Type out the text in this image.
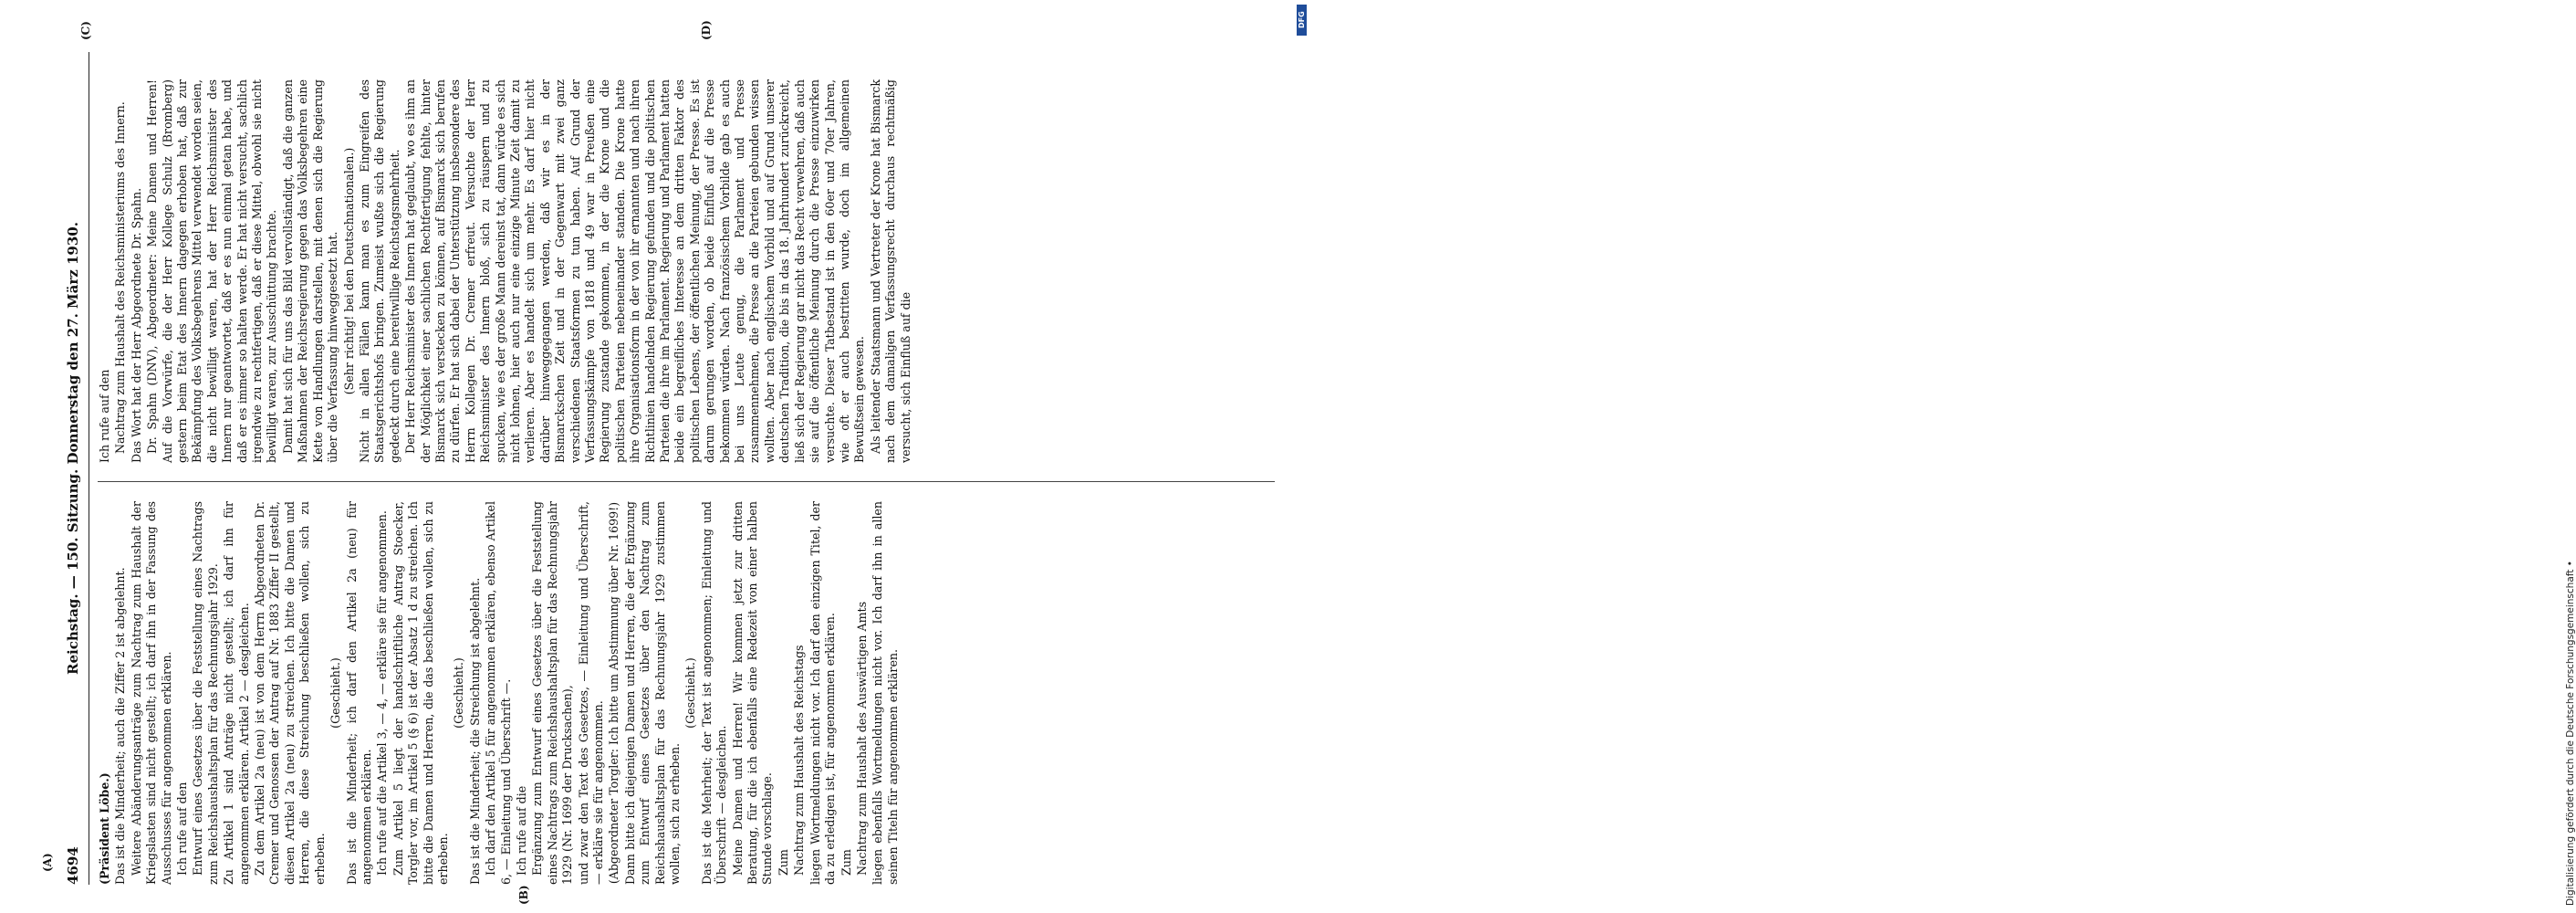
4694
Reichstag. — 150. Sitzung. Donnerstag den 27. März 1930.
(A)
(B)
(C)	(D)

(Präsident Löbe.) Das ist die Minderheit; auch die Ziffer 2 ist abgelehnt. Weitere Abänderungsanträge zum Nachtrag zum Haushalt der Kriegslasten sind nicht gestellt; ich darf ihn in der Fassung des Ausschusses für angenommen erklären. Ich rufe auf den Entwurf eines Gesetzes über die Feststellung eines Nachtrags zum Reichshaushaltsplan für das Rechnungsjahr 1929. Zu Artikel 1 sind Anträge nicht gestellt; ich darf ihn für angenommen erklären. Artikel 2 — desgleichen. Zu dem Artikel 2a (neu) ist von dem Herrn Abgeordneten Dr. Cremer und Genossen der Antrag auf Nr. 1883 Ziffer II gestellt, diesen Artikel 2a (neu) zu streichen. Ich bitte die Damen und Herren, die diese Streichung beschließen wollen, sich zu erheben.

(Geschieht.) Das ist die Minderheit; ich darf den Artikel 2a (neu) für angenommen erklären. Ich rufe auf die Artikel 3, — 4, — erkläre sie für angenommen. Zum Artikel 5 liegt der handschriftliche Antrag Stoecker, Torgler vor, im Artikel 5 (§ 6) ist der Absatz 1 d zu streichen. Ich bitte die Damen und Herren, die das beschließen wollen, sich zu erheben.

(Geschieht.) Das ist die Minderheit; die Streichung ist abgelehnt. Ich darf den Artikel 5 für angenommen erklären, ebenso Artikel 6, — Einleitung und Überschrift —. Ich rufe auf die Ergänzung zum Entwurf eines Gesetzes über die Feststellung eines Nachtrags zum Reichshaushaltsplan für das Rechnungsjahr 1929 (Nr. 1699 der Drucksachen), und zwar den Text des Gesetzes, — Einleitung und Überschrift, — erkläre sie für angenommen. (Abgeordneter Torgler: Ich bitte um Abstimmung über Nr. 1699!) Dann bitte ich diejenigen Damen und Herren, die der Ergänzung zum Entwurf eines Gesetzes über den Nachtrag zum Reichshaushaltsplan für das Rechnungsjahr 1929 zustimmen wollen, sich zu erheben.

(Geschieht.) Das ist die Mehrheit; der Text ist angenommen; Einleitung und Überschrift — desgleichen. Meine Damen und Herren! Wir kommen jetzt zur dritten Beratung, für die ich ebenfalls eine Redezeit von einer halben Stunde vorschlage. Zum Nachtrag zum Haushalt des Reichstags liegen Wortmeldungen nicht vor. Ich darf den einzigen Titel, der da zu erledigen ist, für angenommen erklären. Zum Nachtrag zum Haushalt des Auswärtigen Amts liegen ebenfalls Wortmeldungen nicht vor. Ich darf ihn in allen seinen Titeln für angenommen erklären.

Ich rufe auf den Nachtrag zum Haushalt des Reichsministeriums des Innern. Das Wort hat der Herr Abgeordnete Dr. Spahn. Dr. Spahn (DNV), Abgeordneter: Meine Damen und Herren! Auf die Vorwürfe, die der Herr Kollege Schulz (Bromberg) gestern beim Etat des Innern dagegen erhoben hat, daß zur Bekämpfung des Volksbegehrens Mittel verwendet worden seien, die nicht bewilligt waren, hat der Herr Reichsminister des Innern nur geantwortet, daß er es nun einmal getan habe, und daß er es immer so halten werde. Er hat nicht versucht, sachlich irgendwie zu rechtfertigen, daß er diese Mittel, obwohl sie nicht bewilligt waren, zur Ausschüttung brachte. Damit hat sich für uns das Bild vervollständigt, daß die ganzen Maßnahmen der Reichsregierung gegen das Volksbegehren eine Kette von Handlungen darstellen, mit denen sich die Regierung über die Verfassung hinweggesetzt hat. (Sehr richtig! bei den Deutschnationalen.) Nicht in allen Fällen kann man es zum Eingreifen des Staatsgerichtshofs bringen. Zumeist wußte sich die Regierung gedeckt durch eine bereitwillige Reichstagsmehrheit. Der Herr Reichsminister des Innern hat geglaubt, wo es ihm an der Möglichkeit einer sachlichen Rechtfertigung fehlte, hinter Bismarck sich verstecken zu können, auf Bismarck sich berufen zu dürfen. Er hat sich dabei der Unterstützung insbesondere des Herrn Kollegen Dr. Cremer erfreut. Versuchte der Herr Reichsminister des Innern bloß, sich zu räuspern und zu spucken, wie es der große Mann dereinst tat, dann würde es sich nicht lohnen, hier auch nur eine einzige Minute Zeit damit zu verlieren. Aber es handelt sich um mehr. Es darf hier nicht darüber hinweggegangen werden, daß wir es in der Bismarckschen Zeit und in der Gegenwart mit zwei ganz verschiedenen Staatsformen zu tun haben. Auf Grund der Verfassungskämpfe von 1818 und 49 war in Preußen eine Regierung zustande gekommen, in der die Krone und die politischen Parteien nebeneinander standen. Die Krone hatte ihre Organisationsform in der von ihr ernannten und nach ihren Richtlinien handelnden Regierung gefunden und die politischen Parteien die ihre im Parlament. Regierung und Parlament hatten beide ein begreifliches Interesse an dem dritten Faktor des politischen Lebens, der öffentlichen Meinung, der Presse. Es ist darum gerungen worden, ob beide Einfluß auf die Presse bekommen würden. Nach französischem Vorbilde gab es auch bei uns Leute genug, die Parlament und Presse zusammennehmen, die Presse an die Parteien gebunden wissen wollten. Aber nach englischem Vorbild und auf Grund unserer deutschen Tradition, die bis in das 18. Jahrhundert zurückreicht, ließ sich der Regierung gar nicht das Recht verwehren, daß auch sie auf die öffentliche Meinung durch die Presse einzuwirken versuchte. Dieser Tatbestand ist in den 60er und 70er Jahren, wie oft er auch bestritten wurde, doch im allgemeinen Bewußtsein gewesen. Als leitender Staatsmann und Vertreter der Krone hat Bismarck nach dem damaligen Verfassungsrecht durchaus rechtmäßig versucht, sich Einfluß auf die

Digitalisierung gefördert durch die Deutsche Forschungsgemeinschaft •
DFG
